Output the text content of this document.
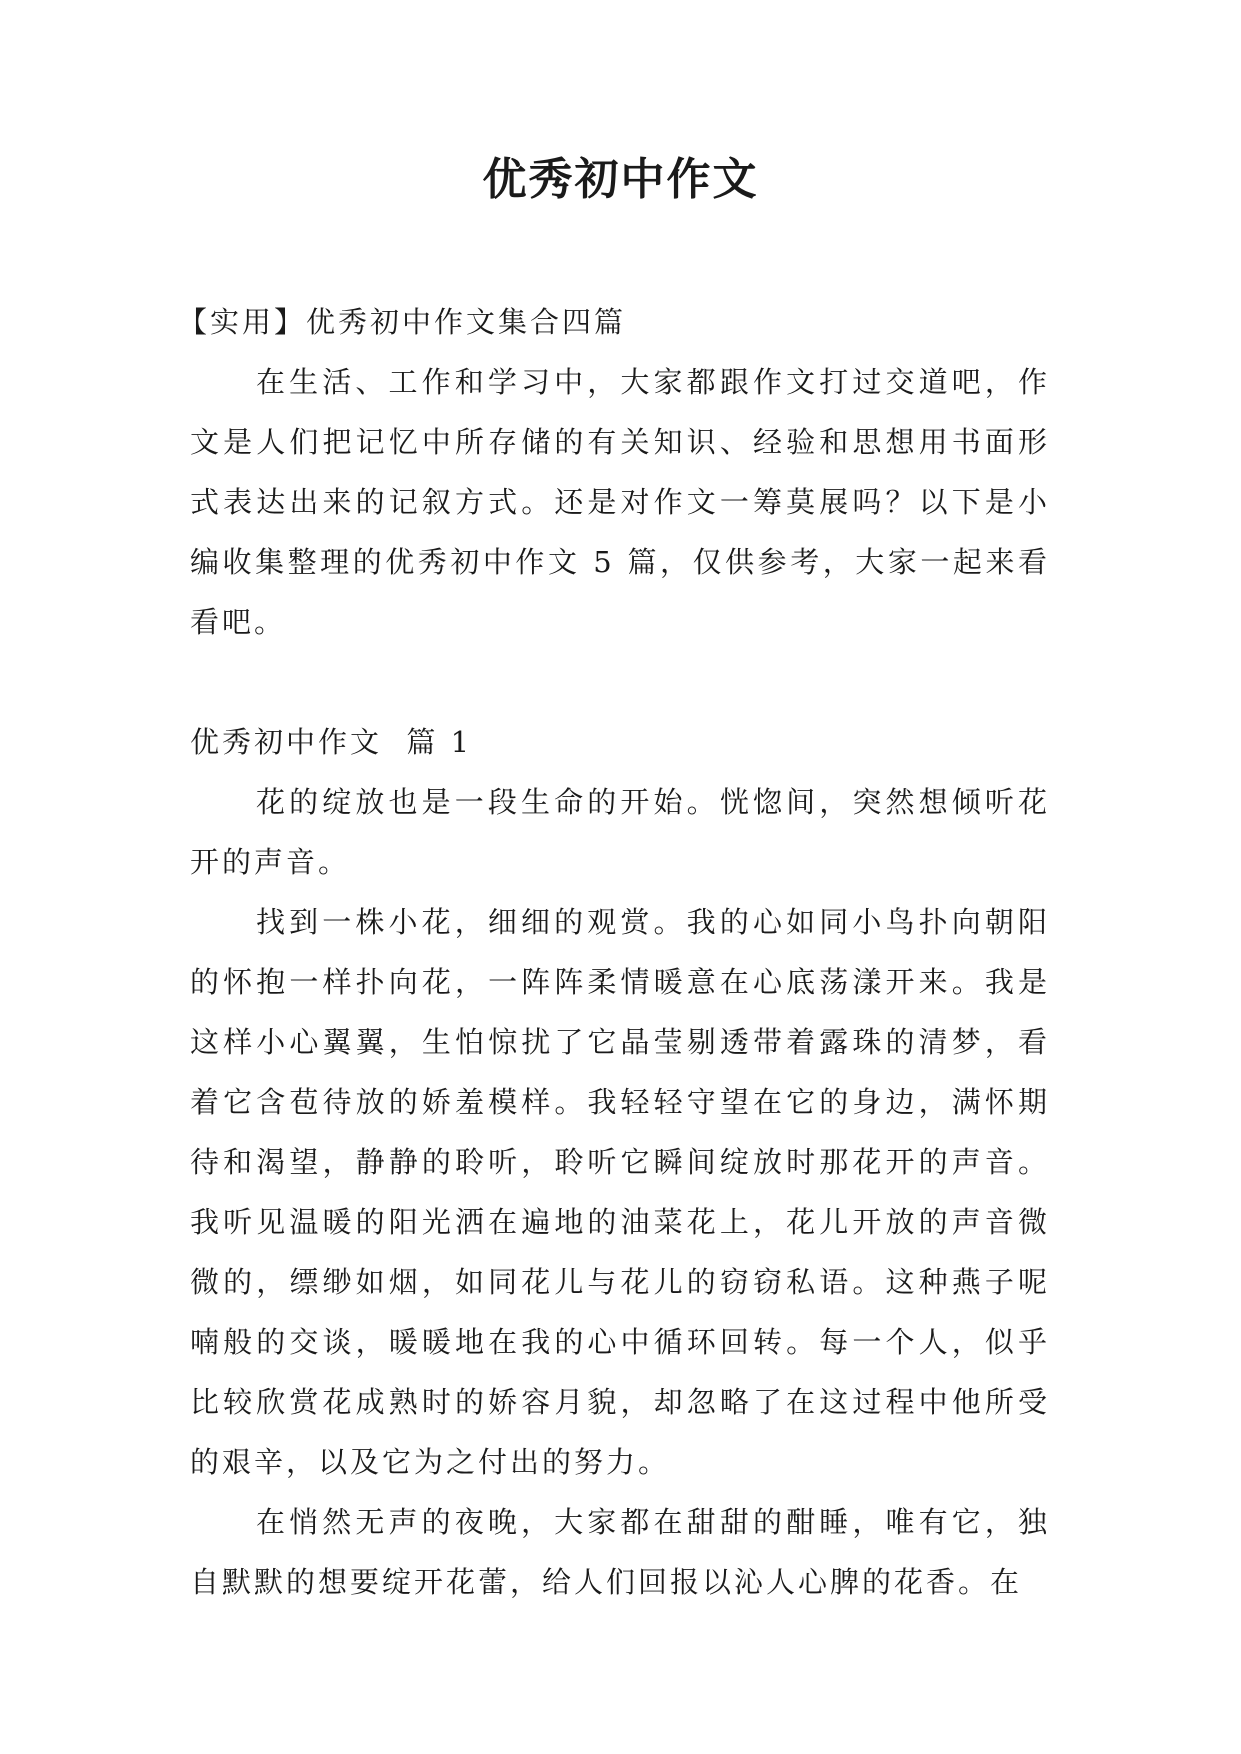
优秀初中作文

【实用】优秀初中作文集合四篇

在生活、工作和学习中，大家都跟作文打过交道吧，作文是人们把记忆中所存储的有关知识、经验和思想用书面形式表达出来的记叙方式。还是对作文一筹莫展吗？以下是小编收集整理的优秀初中作文 5 篇，仅供参考，大家一起来看看吧。

优秀初中作文  篇 1

花的绽放也是一段生命的开始。恍惚间，突然想倾听花开的声音。

找到一株小花，细细的观赏。我的心如同小鸟扑向朝阳的怀抱一样扑向花，一阵阵柔情暖意在心底荡漾开来。我是这样小心翼翼，生怕惊扰了它晶莹剔透带着露珠的清梦，看着它含苞待放的娇羞模样。我轻轻守望在它的身边，满怀期待和渴望，静静的聆听，聆听它瞬间绽放时那花开的声音。我听见温暖的阳光洒在遍地的油菜花上，花儿开放的声音微微的，缥缈如烟，如同花儿与花儿的窃窃私语。这种燕子呢喃般的交谈，暖暖地在我的心中循环回转。每一个人，似乎比较欣赏花成熟时的娇容月貌，却忽略了在这过程中他所受的艰辛，以及它为之付出的努力。

在悄然无声的夜晚，大家都在甜甜的酣睡，唯有它，独自默默的想要绽开花蕾，给人们回报以沁人心脾的花香。在
